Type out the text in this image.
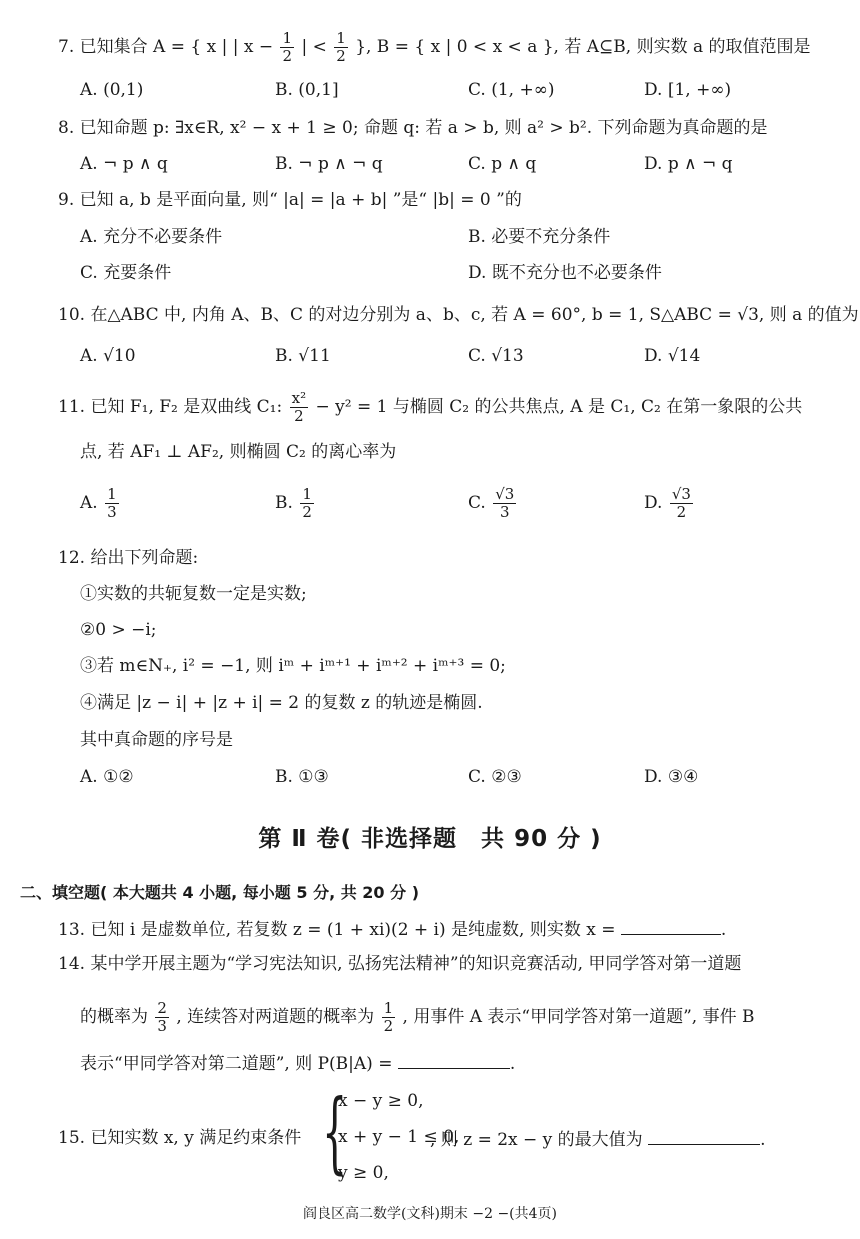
7. 已知集合 A = { x | | $x - \frac{1}{2}$ | < $\frac{1}{2}$ }, B = { x | 0 < x < a }, 若 A⊆B, 则实数 a 的取值范围是
A. (0,1)	B. (0,1]	C. (1, +∞)	D. [1, +∞)
8. 已知命题 p: ∃x∈R, x² − x + 1 ≥ 0; 命题 q: 若 a > b, 则 a² > b². 下列命题为真命题的是
A. ¬ p ∧ q	B. ¬ p ∧ ¬ q	C. p ∧ q	D. p ∧ ¬ q
9. 已知 a, b 是平面向量, 则“ |a| = |a + b| ”是“ |b| = 0 ”的
A. 充分不必要条件	B. 必要不充分条件
C. 充要条件	D. 既不充分也不必要条件
10. 在△ABC 中, 内角 A、B、C 的对边分别为 a、b、c, 若 A = 60°, b = 1, S△ABC = √3, 则 a 的值为
A. √10	B. √11	C. √13	D. √14
11. 已知 F₁, F₂ 是双曲线 C₁: $\frac{\text{x²}}{2} - y^2 = 1$ 与椭圆 C₂ 的公共焦点, A 是 C₁, C₂ 在第一象限的公共
点, 若 AF₁ ⊥ AF₂, 则椭圆 C₂ 的离心率为
A. $\frac{1}{3}$	B. $\frac{1}{2}$	C. $\frac{√3}{3}$	D. $\frac{√3}{2}$
12. 给出下列命题:
①实数的共轭复数一定是实数;
②0 > −i;
③若 m∈N₊, i² = −1, 则 iᵐ + iᵐ⁺¹ + iᵐ⁺² + iᵐ⁺³ = 0;
④满足 |z − i| + |z + i| = 2 的复数 z 的轨迹是椭圆.
其中真命题的序号是
A. ①②	B. ①③	C. ②③	D. ③④
第 Ⅱ 卷( 非选择题　共 90 分 )
二、填空题( 本大题共 4 小题, 每小题 5 分, 共 20 分 )
13. 已知 i 是虚数单位, 若复数 z = (1 + xi)(2 + i) 是纯虚数, 则实数 x =	.
14. 某中学开展主题为“学习宪法知识, 弘扬宪法精神”的知识竞赛活动, 甲同学答对第一道题
的概率为 $\frac{2}{3}$ , 连续答对两道题的概率为 $\frac{1}{2}$ , 用事件 A 表示“甲同学答对第一道题”, 事件 B
表示“甲同学答对第二道题”, 则 P(B|A) =	.
15. 已知实数 x, y 满足约束条件 {
x − y ≥ 0,
x + y − 1 ≤ 0,
y ≥ 0,
, 则 z = 2x − y 的最大值为	.
阎良区高二数学(文科)期末 −2 −(共4页)
